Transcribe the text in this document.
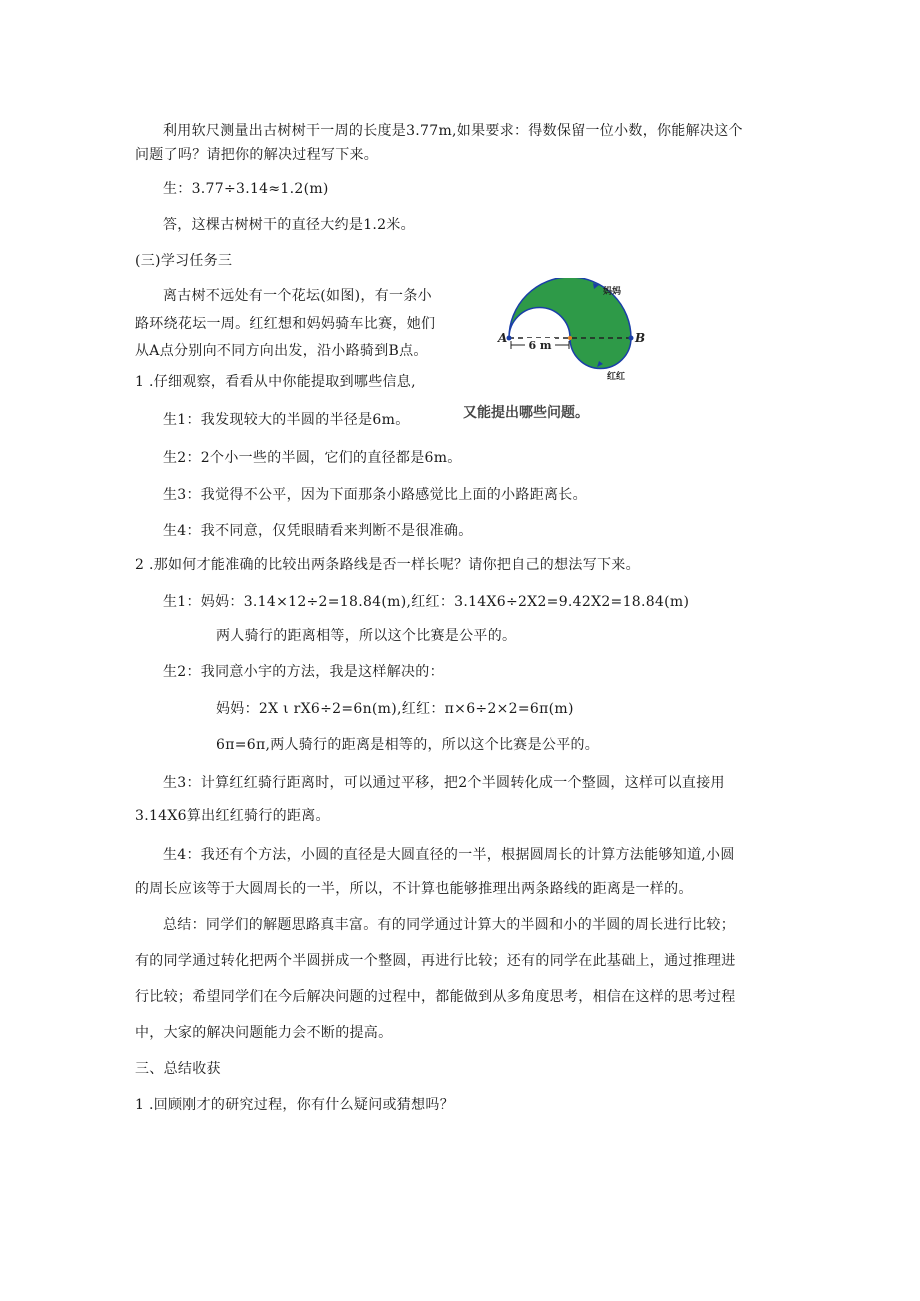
利用软尺测量出古树树干一周的长度是3.77m,如果要求：得数保留一位小数，你能解决这个
问题了吗？请把你的解决过程写下来。
生：3.77÷3.14≈1.2(m)
答，这棵古树树干的直径大约是1.2米。
(三)学习任务三
离古树不远处有一个花坛(如图)，有一条小
路环绕花坛一周。红红想和妈妈骑车比赛，她们
从A点分别向不同方向出发，沿小路骑到B点。
1 .仔细观察，看看从中你能提取到哪些信息,
生1：我发现较大的半圆的半径是6m。
生2：2个小一些的半圆，它们的直径都是6m。
生3：我觉得不公平，因为下面那条小路感觉比上面的小路距离长。
生4：我不同意，仅凭眼睛看来判断不是很准确。
2 .那如何才能准确的比较出两条路线是否一样长呢？请你把自己的想法写下来。
生1：妈妈：3.14×12÷2=18.84(m),红红：3.14X6÷2X2=9.42X2=18.84(m)
两人骑行的距离相等，所以这个比赛是公平的。
生2：我同意小宇的方法，我是这样解决的：
妈妈：2X ι rX6÷2=6n(m),红红：π×6÷2×2=6π(m)
6π=6π,两人骑行的距离是相等的，所以这个比赛是公平的。
生3：计算红红骑行距离时，可以通过平移，把2个半圆转化成一个整圆，这样可以直接用
3.14X6算出红红骑行的距离。
生4：我还有个方法，小圆的直径是大圆直径的一半，根据圆周长的计算方法能够知道,小圆
的周长应该等于大圆周长的一半，所以，不计算也能够推理出两条路线的距离是一样的。
总结：同学们的解题思路真丰富。有的同学通过计算大的半圆和小的半圆的周长进行比较；
有的同学通过转化把两个半圆拼成一个整圆，再进行比较；还有的同学在此基础上，通过推理进
行比较；希望同学们在今后解决问题的过程中，都能做到从多角度思考，相信在这样的思考过程
中，大家的解决问题能力会不断的提高。
三、总结收获
1 .回顾刚才的研究过程，你有什么疑问或猜想吗？
6 m
A	B
妈妈
红红
又能提出哪些问题。
